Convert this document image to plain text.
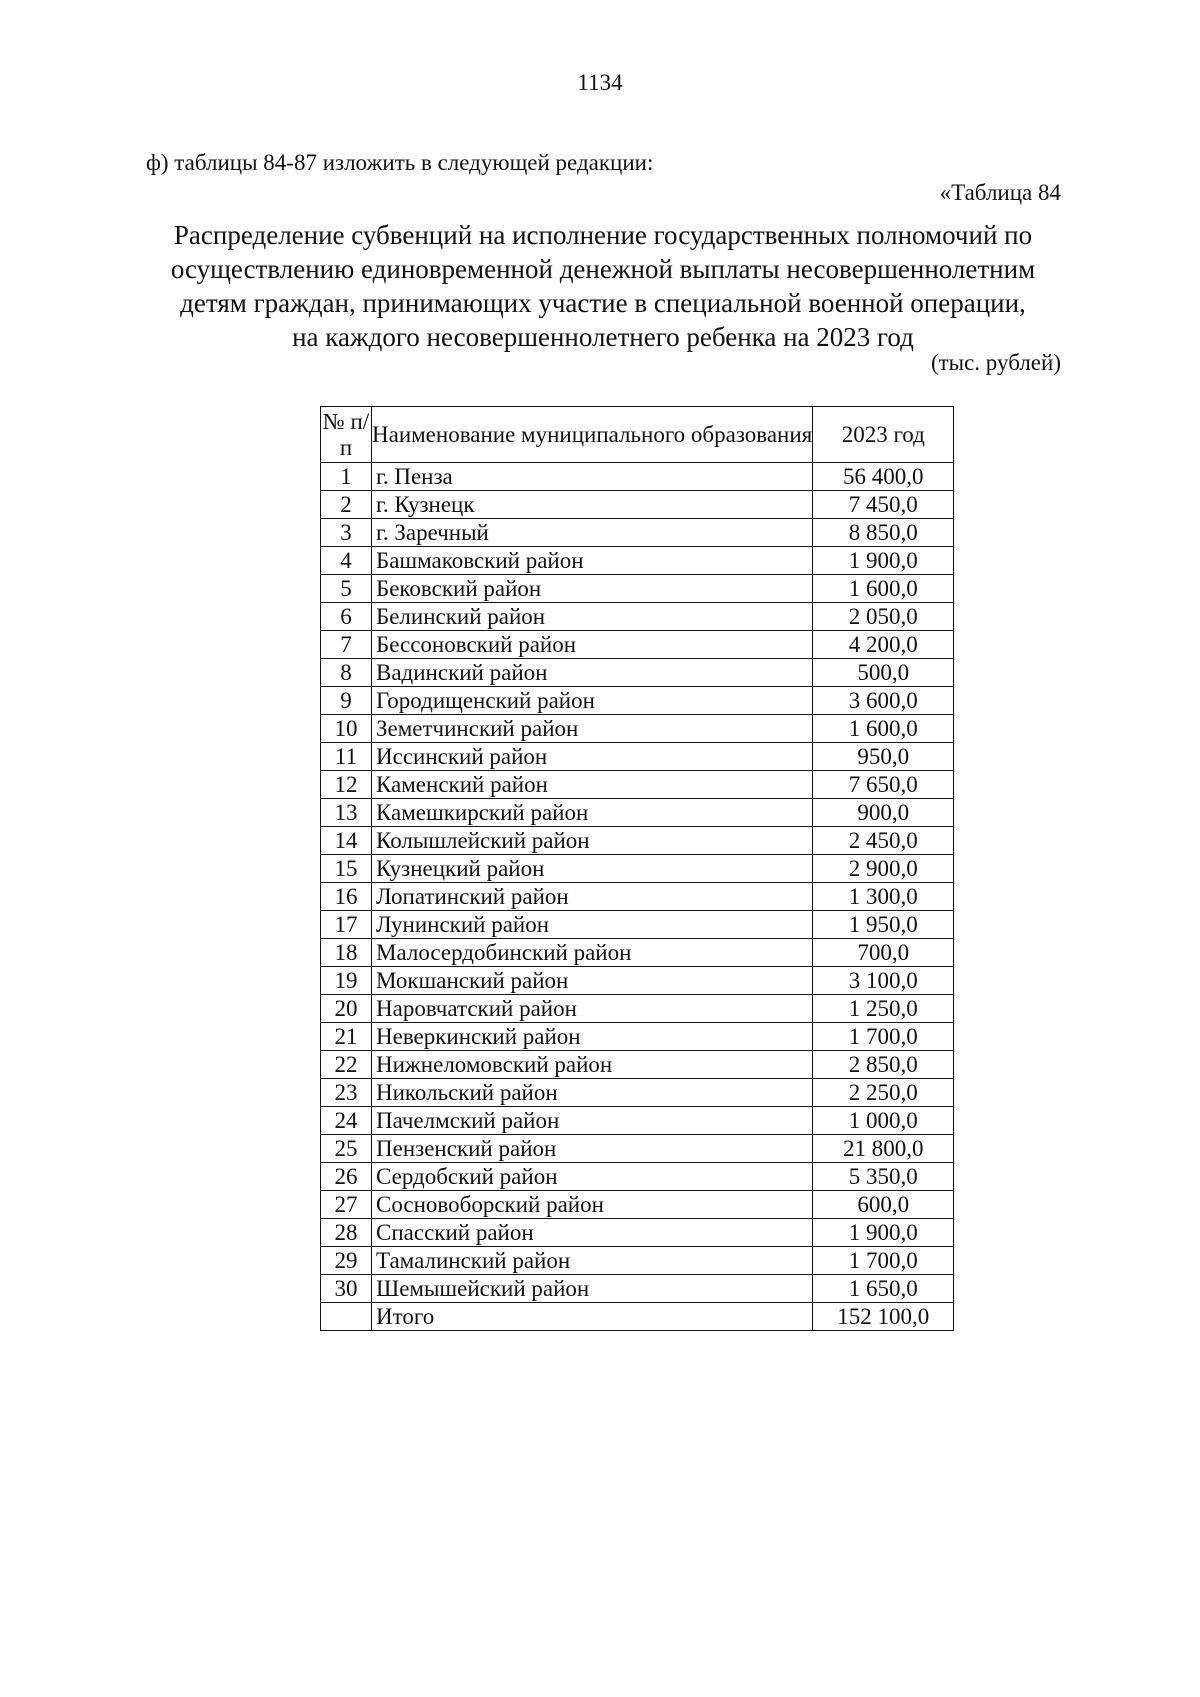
1134
ф) таблицы 84-87 изложить в следующей редакции:
«Таблица 84
Распределение субвенций на исполнение государственных полномочий по
осуществлению единовременной денежной выплаты несовершеннолетним
детям граждан, принимающих участие в специальной военной операции,
на каждого несовершеннолетнего ребенка на 2023 год
(тыс. рублей)
№ п/п	Наименование муниципального образования	2023 год
1	г. Пенза	56 400,0
2	г. Кузнецк	7 450,0
3	г. Заречный	8 850,0
4	Башмаковский район	1 900,0
5	Бековский район	1 600,0
6	Белинский район	2 050,0
7	Бессоновский район	4 200,0
8	Вадинский район	500,0
9	Городищенский район	3 600,0
10	Земетчинский район	1 600,0
11	Иссинский район	950,0
12	Каменский район	7 650,0
13	Камешкирский район	900,0
14	Колышлейский район	2 450,0
15	Кузнецкий район	2 900,0
16	Лопатинский район	1 300,0
17	Лунинский район	1 950,0
18	Малосердобинский район	700,0
19	Мокшанский район	3 100,0
20	Наровчатский район	1 250,0
21	Неверкинский район	1 700,0
22	Нижнеломовский район	2 850,0
23	Никольский район	2 250,0
24	Пачелмский район	1 000,0
25	Пензенский район	21 800,0
26	Сердобский район	5 350,0
27	Сосновоборский район	600,0
28	Спасский район	1 900,0
29	Тамалинский район	1 700,0
30	Шемышейский район	1 650,0
	Итого	152 100,0
